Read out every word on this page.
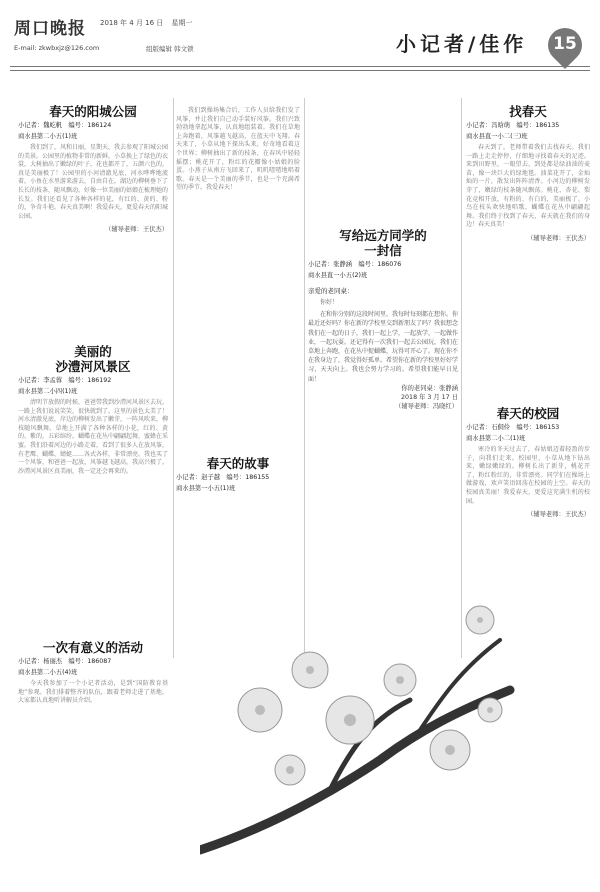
周口晚报 2018 年 4 月 16 日 星期一
E-mail: zkwbxjz@126.com	组版编辑 韩文锁	小记者/佳作 15
春天的阳城公园
小记者：魏屹帆　编号：186124
商水县第二小五(1)班
我们到了，风和日丽，星期天，我去参观了阳城公园的美景。公园里的植物非常的新鲜，小草换上了绿色的衣裳，大树抽出了嫩绿的叶子，花也都开了，五颜六色的，真是美丽极了！公园里的小河清澈见底，河水哗哗地流着，小鱼在水里游来游去，自由自在。湖边的柳树垂下了长长的枝条，随风飘动，好像一位美丽的姑娘在梳理她的长发。我们还看见了各种各样的花，有红的、黄的、粉的，争奇斗艳。春天真美啊！我爱春天，更爱春天的阳城公园。
（辅导老师：王伏杰）
美丽的
沙澧河风景区
小记者：李孟蓉　编号：186192
商水县第二小四(1)班
清明节放假的时候，爸爸带我到沙澧河风景区去玩。一路上我们说说笑笑，很快就到了。这里的景色太美了！河水清澈见底，岸边的柳树发出了嫩芽，一阵风吹来，柳枝随风飘舞。草地上开满了各种各样的小花，红的、黄的、紫的，五彩缤纷。蝴蝶在花丛中翩翩起舞，蜜蜂在采蜜。我们沿着河边的小路走着，看到了很多人在放风筝，有老鹰、蝴蝶、蜻蜓……各式各样，非常漂亮。我也买了一个风筝，和爸爸一起放，风筝越飞越高，我高兴极了。沙澧河风景区真美丽，我一定还会再来的。
一次有意义的活动
小记者：杨丽杰　编号：186087
商水县第二小五(4)班
今天我参加了一个小记者活动，是到“国防教育基地”参观。我们排着整齐的队伍，跟着老师走进了基地，大家都认真地听讲解员介绍。
我们到操场集合后，工作人员给我们发了风筝，并让我们自己动手装好风筝。我们兴致勃勃地拿起风筝，认真地组装着。我们在草地上奔跑着，风筝越飞越高，在蓝天中飞翔。春天来了，小草从地下探出头来，好奇地看着这个世界；柳树抽出了新的枝条，在春风中轻轻摇摆；桃花开了，粉红的花瓣像小姑娘的脸蛋。小燕子从南方飞回来了，叽叽喳喳地唱着歌。春天是一个美丽的季节，也是一个充满希望的季节。我爱春天！
春天的故事
小记者：赵子越　编号：186155
商水县第一小五(1)班
写给远方同学的
一封信
小记者：张静涵　编号：186076
商水县直一小五(2)班
亲爱的老同桌：
你好！
在和你分别的这段时间里，我每时每刻都在想你。你最近还好吗？你在新的学校里交到新朋友了吗？我很想念我们在一起的日子，我们一起上学，一起放学，一起做作业，一起玩耍。还记得有一次我们一起去公园玩，我们在草地上奔跑，在花丛中捉蝴蝶，玩得可开心了。现在你不在我身边了，我觉得好孤单。希望你在新的学校里好好学习，天天向上。我也会努力学习的。希望我们能早日见面！
你的老同桌：张静涵
2018 年 3 月 17 日
（辅导老师：冯晓红）
找春天
小记者：冯晗萌　编号：186135
商水县直一小二(三)班
春天到了，老师带着我们去找春天。我们一路上走走停停，仔细地寻找着春天的足迹。来到田野里，一眼望去，到处都是绿油油的麦苗，像一块巨大的绿地毯。油菜花开了，金灿灿的一片，散发出阵阵清香。小河边的柳树发芽了，嫩绿的枝条随风飘荡。桃花、杏花、梨花竞相开放，有粉的、有白的，美丽极了。小鸟在枝头欢快地唱歌，蝴蝶在花丛中翩翩起舞。我们终于找到了春天，春天就在我们的身边！春天真美！
（辅导老师：王伏杰）
春天的校园
小记者：石侗伶　编号：186153
商水县第二小二(1)班
寒冷的冬天过去了，春姑娘迈着轻盈的步子，向我们走来。校园里，小草从地下钻出来，嫩绿嫩绿的。柳树长出了新芽，桃花开了，粉红粉红的，非常漂亮。同学们在操场上做游戏，欢声笑语回荡在校园的上空。春天的校园真美丽！我爱春天，更爱这充满生机的校园。
（辅导老师：王伏杰）
